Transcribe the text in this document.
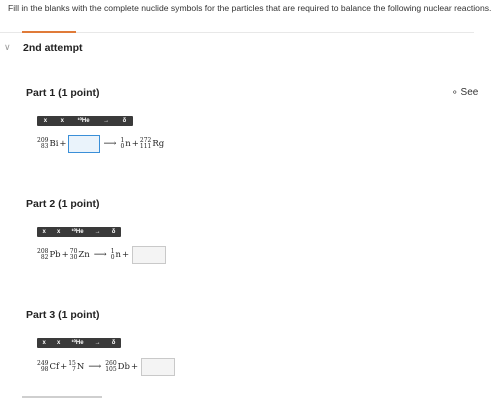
Fill in the blanks with the complete nuclide symbols for the particles that are required to balance the following nuclear reactions.
∨ 2nd attempt
⚬ See
Part 1 (1 point)
x	x	¹⁰He	→	δ
209
83 Bi +	⟶ 1
0 n + 272
111 Rg
Part 2 (1 point)
x	x	¹⁰He	→	δ
208
82 Pb + 70
30 Zn ⟶ 1
0 n +
Part 3 (1 point)
x	x	¹⁰He	→	δ
249
98 Cf + 15
7 N ⟶ 260
105 Db +
